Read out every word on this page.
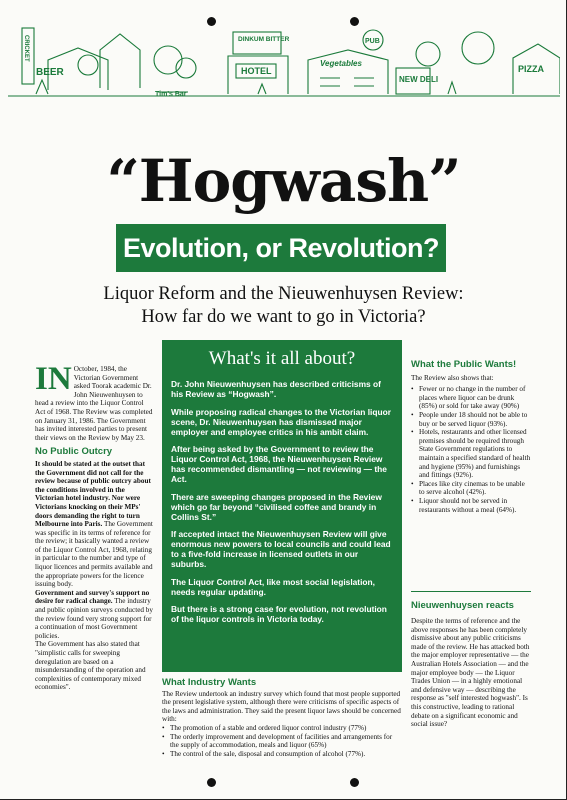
CRICKET
BEER
DINKUM BITTER
HOTEL
PUB
Tim's Bar
Vegetables
NEW DELI
PIZZA
“Hogwash”
Evolution, or Revolution?
Liquor Reform and the Nieuwenhuysen Review:
How far do we want to go in Victoria?

IN October, 1984, the Victorian Government asked Toorak academic Dr. John Nieuwenhuysen to head a review into the Liquor Control Act of 1968. The Review was completed on January 31, 1986. The Government has invited interested parties to present their views on the Review by May 23.

No Public Outcry

It should be stated at the outset that the Government did not call for the review because of public outcry about the conditions involved in the Victorian hotel industry. Nor were Victorians knocking on their MPs' doors demanding the right to turn Melbourne into Paris. The Government was specific in its terms of reference for the review; it basically wanted a review of the Liquor Control Act, 1968, relating in particular to the number and type of liquor licences and permits available and the appropriate powers for the licence issuing body.

Government and survey's support no desire for radical change. The industry and public opinion surveys conducted by the review found very strong support for a continuation of most Government policies.

The Government has also stated that "simplistic calls for sweeping deregulation are based on a misunderstanding of the operation and complexities of contemporary mixed economies".

What's it all about?

Dr. John Nieuwenhuysen has described criticisms of his Review as “Hogwash”.

While proposing radical changes to the Victorian liquor scene, Dr. Nieuwenhuysen has dismissed major employer and employee critics in his ambit claim.

After being asked by the Government to review the Liquor Control Act, 1968, the Nieuwenhuysen Review has recommended dismantling — not reviewing — the Act.

There are sweeping changes proposed in the Review which go far beyond “civilised coffee and brandy in Collins St.”

If accepted intact the Nieuwenhuysen Review will give enormous new powers to local councils and could lead to a five-fold increase in licensed outlets in our suburbs.

The Liquor Control Act, like most social legislation, needs regular updating.

But there is a strong case for evolution, not revolution of the liquor controls in Victoria today.

What Industry Wants

The Review undertook an industry survey which found that most people supported the present legislative system, although there were criticisms of specific aspects of the laws and administration. They said the present liquor laws should be concerned with:

• The promotion of a stable and ordered liquor control industry (77%)
• The orderly improvement and development of facilities and arrangements for the supply of accommodation, meals and liquor (65%)
• The control of the sale, disposal and consumption of alcohol (77%).
What the Public Wants!

The Review also shows that:

• Fewer or no change in the number of places where liquor can be drunk (85%) or sold for take away (90%)
• People under 18 should not be able to buy or be served liquor (93%).
• Hotels, restaurants and other licensed premises should be required through State Government regulations to maintain a specified standard of health and hygiene (95%) and furnishings and fittings (92%).
• Places like city cinemas to be unable to serve alcohol (42%).
• Liquor should not be served in restaurants without a meal (64%).
Nieuwenhuysen reacts

Despite the terms of reference and the above responses he has been completely dismissive about any public criticisms made of the review. He has attacked both the major employer representative — the Australian Hotels Association — and the major employee body — the Liquor Trades Union — in a highly emotional and defensive way — describing the response as "self interested hogwash". Is this constructive, leading to rational debate on a significant economic and social issue?
